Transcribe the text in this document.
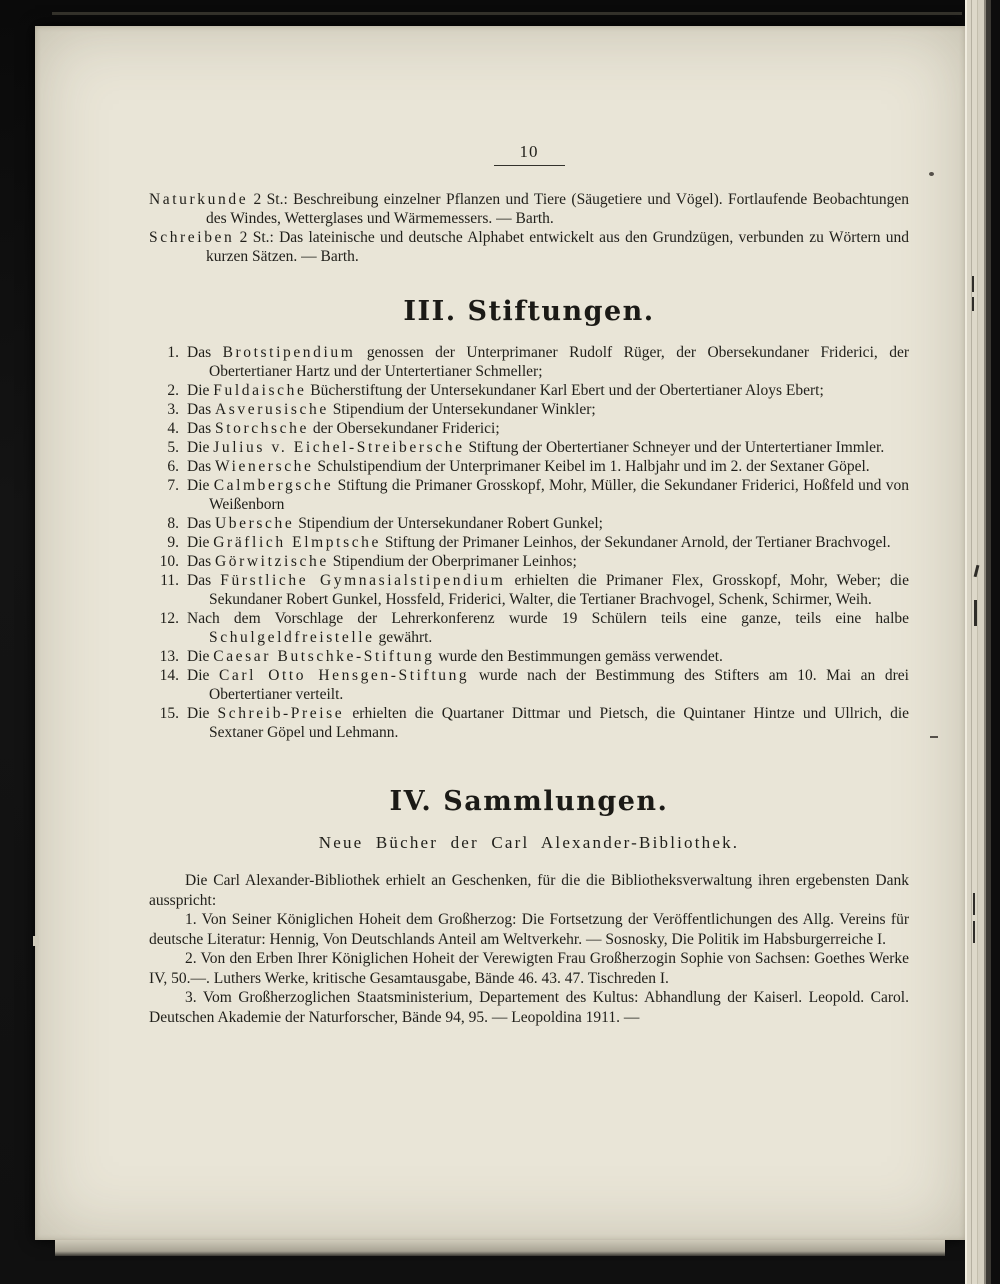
10
Naturkunde 2 St.: Beschreibung einzelner Pflanzen und Tiere (Säugetiere und Vögel). Fortlaufende Beobachtungen des Windes, Wetterglases und Wärmemessers. — Barth.
Schreiben 2 St.: Das lateinische und deutsche Alphabet entwickelt aus den Grundzügen, verbunden zu Wörtern und kurzen Sätzen. — Barth.
III. Stiftungen.
1. Das Brotstipendium genossen der Unterprimaner Rudolf Rüger, der Obersekundaner Friderici, der Obertertianer Hartz und der Untertertianer Schmeller;
2. Die Fuldaische Bücherstiftung der Untersekundaner Karl Ebert und der Obertertianer Aloys Ebert;
3. Das Asverusische Stipendium der Untersekundaner Winkler;
4. Das Storchsche der Obersekundaner Friderici;
5. Die Julius v. Eichel-Streibersche Stiftung der Obertertianer Schneyer und der Untertertianer Immler.
6. Das Wienersche Schulstipendium der Unterprimaner Keibel im 1. Halbjahr und im 2. der Sextaner Göpel.
7. Die Calmbergsche Stiftung die Primaner Grosskopf, Mohr, Müller, die Sekundaner Friderici, Hoßfeld und von Weißenborn
8. Das Ubersche Stipendium der Untersekundaner Robert Gunkel;
9. Die Gräflich Elmptsche Stiftung der Primaner Leinhos, der Sekundaner Arnold, der Tertianer Brachvogel.
10. Das Görwitzische Stipendium der Oberprimaner Leinhos;
11. Das Fürstliche Gymnasialstipendium erhielten die Primaner Flex, Grosskopf, Mohr, Weber; die Sekundaner Robert Gunkel, Hossfeld, Friderici, Walter, die Tertianer Brachvogel, Schenk, Schirmer, Weih.
12. Nach dem Vorschlage der Lehrerkonferenz wurde 19 Schülern teils eine ganze, teils eine halbe Schulgeldfreistelle gewährt.
13. Die Caesar Butschke-Stiftung wurde den Bestimmungen gemäss verwendet.
14. Die Carl Otto Hensgen-Stiftung wurde nach der Bestimmung des Stifters am 10. Mai an drei Obertertianer verteilt.
15. Die Schreib-Preise erhielten die Quartaner Dittmar und Pietsch, die Quintaner Hintze und Ullrich, die Sextaner Göpel und Lehmann.
IV. Sammlungen.
Neue Bücher der Carl Alexander-Bibliothek.

Die Carl Alexander-Bibliothek erhielt an Geschenken, für die die Bibliotheksverwaltung ihren ergebensten Dank ausspricht:

1. Von Seiner Königlichen Hoheit dem Großherzog: Die Fortsetzung der Veröffentlichungen des Allg. Vereins für deutsche Literatur: Hennig, Von Deutschlands Anteil am Weltverkehr. — Sosnosky, Die Politik im Habsburgerreiche I.

2. Von den Erben Ihrer Königlichen Hoheit der Verewigten Frau Großherzogin Sophie von Sachsen: Goethes Werke IV, 50.—. Luthers Werke, kritische Gesamtausgabe, Bände 46. 43. 47. Tischreden I.

3. Vom Großherzoglichen Staatsministerium, Departement des Kultus: Abhandlung der Kaiserl. Leopold. Carol. Deutschen Akademie der Naturforscher, Bände 94, 95. — Leopoldina 1911. —
